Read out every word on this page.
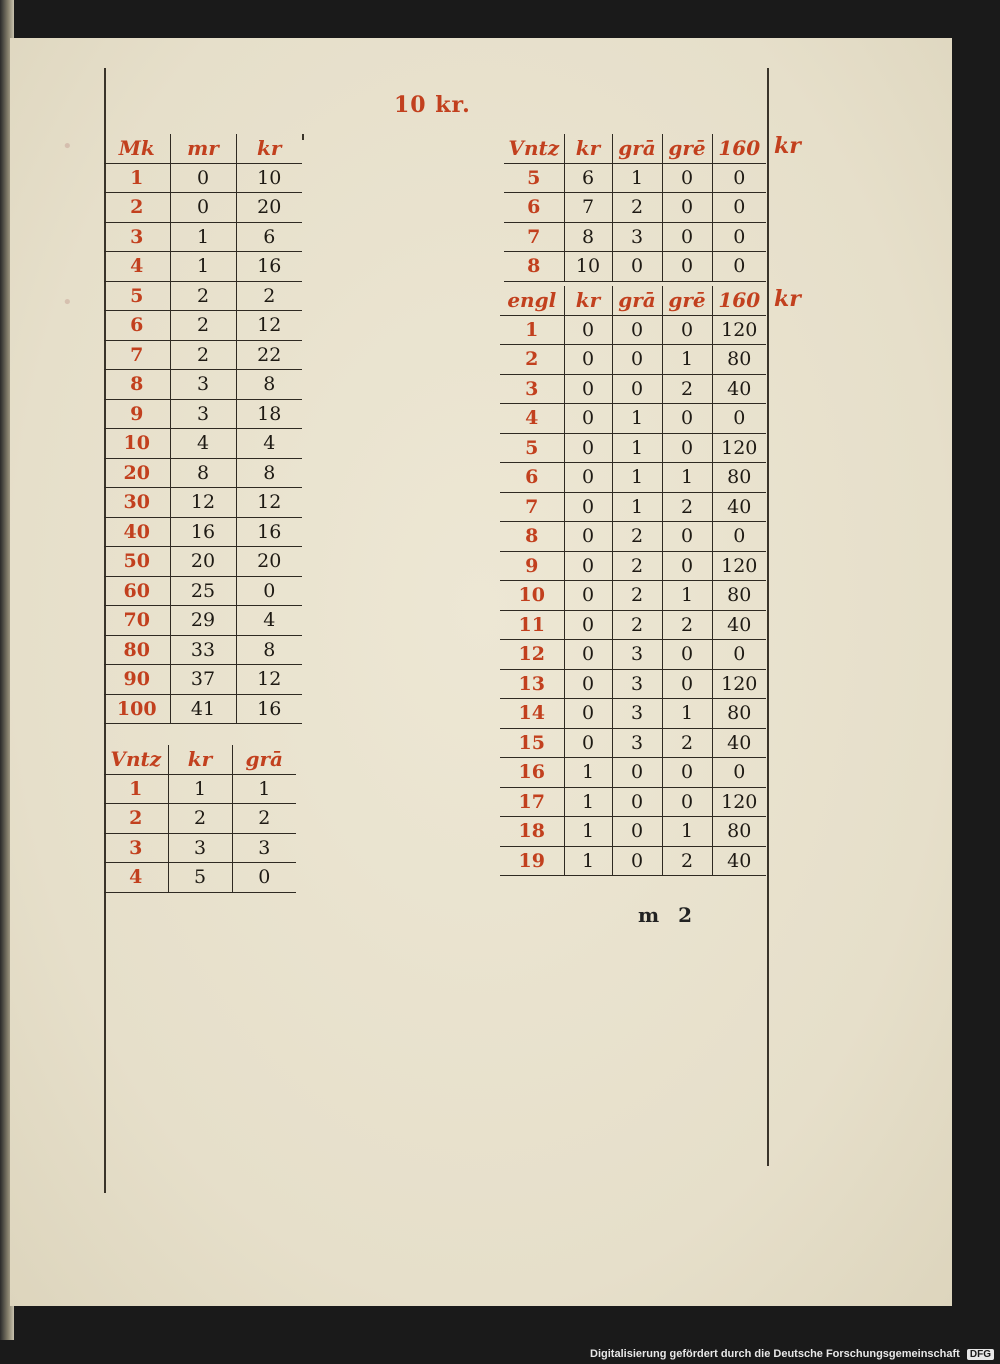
10 kr.
Mk	mr	kr
1	0	10
2	0	20
3	1	6
4	1	16
5	2	2
6	2	12
7	2	22
8	3	8
9	3	18
10	4	4
20	8	8
30	12	12
40	16	16
50	20	20
60	25	0
70	29	4
80	33	8
90	37	12
100	41	16
Vntz	kr	grā
1	1	1
2	2	2
3	3	3
4	5	0
Vntz	kr	grā	grē	160
5	6	1	0	0
6	7	2	0	0
7	8	3	0	0
8	10	0	0	0
engl	kr	grā	grē	160
1	0	0	0	120
2	0	0	1	80
3	0	0	2	40
4	0	1	0	0
5	0	1	0	120
6	0	1	1	80
7	0	1	2	40
8	0	2	0	0
9	0	2	0	120
10	0	2	1	80
11	0	2	2	40
12	0	3	0	0
13	0	3	0	120
14	0	3	1	80
15	0	3	2	40
16	1	0	0	0
17	1	0	0	120
18	1	0	1	80
19	1	0	2	40
kr
kr
•
•
m 2
Digitalisierung gefördert durch die Deutsche Forschungsgemeinschaft DFG
